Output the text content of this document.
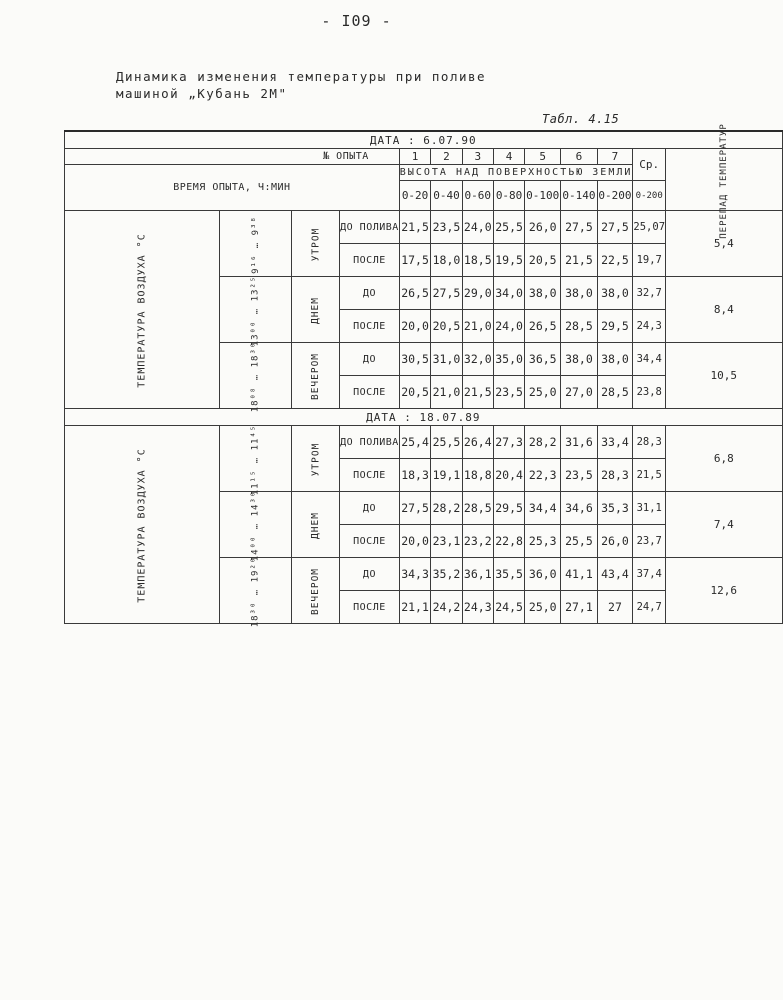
- I09 -
Динамика изменения температуры при поливе
машиной „Кубань 2М"
Табл. 4.15
ДАТА : 6.07.90												
№ ОПЫТА				1	2	3	4	5	6	7	Ср.	ПЕРЕПАД ТЕМПЕРАТУР
ВРЕМЯ ОПЫТА, Ч:МИН				ВЫСОТА НАД ПОВЕРХНОСТЬЮ ЗЕМЛИ								
				0-20	0-40	0-60	0-80	0-100	0-140	0-200	0-200	
ТЕМПЕРАТУРА ВОЗДУХА °С	9¹⁶ … 9³⁸	УТРОМ	ДО ПОЛИВА	21,5	23,5	24,0	25,5	26,0	27,5	27,5	25,07	5,4
			ПОСЛЕ	17,5	18,0	18,5	19,5	20,5	21,5	22,5	19,7	
	13⁰⁰ … 13²⁵	ДНЕМ	ДО	26,5	27,5	29,0	34,0	38,0	38,0	38,0	32,7	8,4
			ПОСЛЕ	20,0	20,5	21,0	24,0	26,5	28,5	29,5	24,3	
	18⁰⁸ … 18³⁰	ВЕЧЕРОМ	ДО	30,5	31,0	32,0	35,0	36,5	38,0	38,0	34,4	10,5
			ПОСЛЕ	20,5	21,0	21,5	23,5	25,0	27,0	28,5	23,8	
ДАТА : 18.07.89												
ТЕМПЕРАТУРА ВОЗДУХА °С	11¹⁵ … 11⁴⁵	УТРОМ	ДО ПОЛИВА	25,4	25,5	26,4	27,3	28,2	31,6	33,4	28,3	6,8
			ПОСЛЕ	18,3	19,1	18,8	20,4	22,3	23,5	28,3	21,5	
	14⁰⁰ … 14³⁰	ДНЕМ	ДО	27,5	28,2	28,5	29,5	34,4	34,6	35,3	31,1	7,4
			ПОСЛЕ	20,0	23,1	23,2	22,8	25,3	25,5	26,0	23,7	
	18³⁰ … 19²⁰	ВЕЧЕРОМ	ДО	34,3	35,2	36,1	35,5	36,0	41,1	43,4	37,4	12,6
			ПОСЛЕ	21,1	24,2	24,3	24,5	25,0	27,1	27	24,7	
